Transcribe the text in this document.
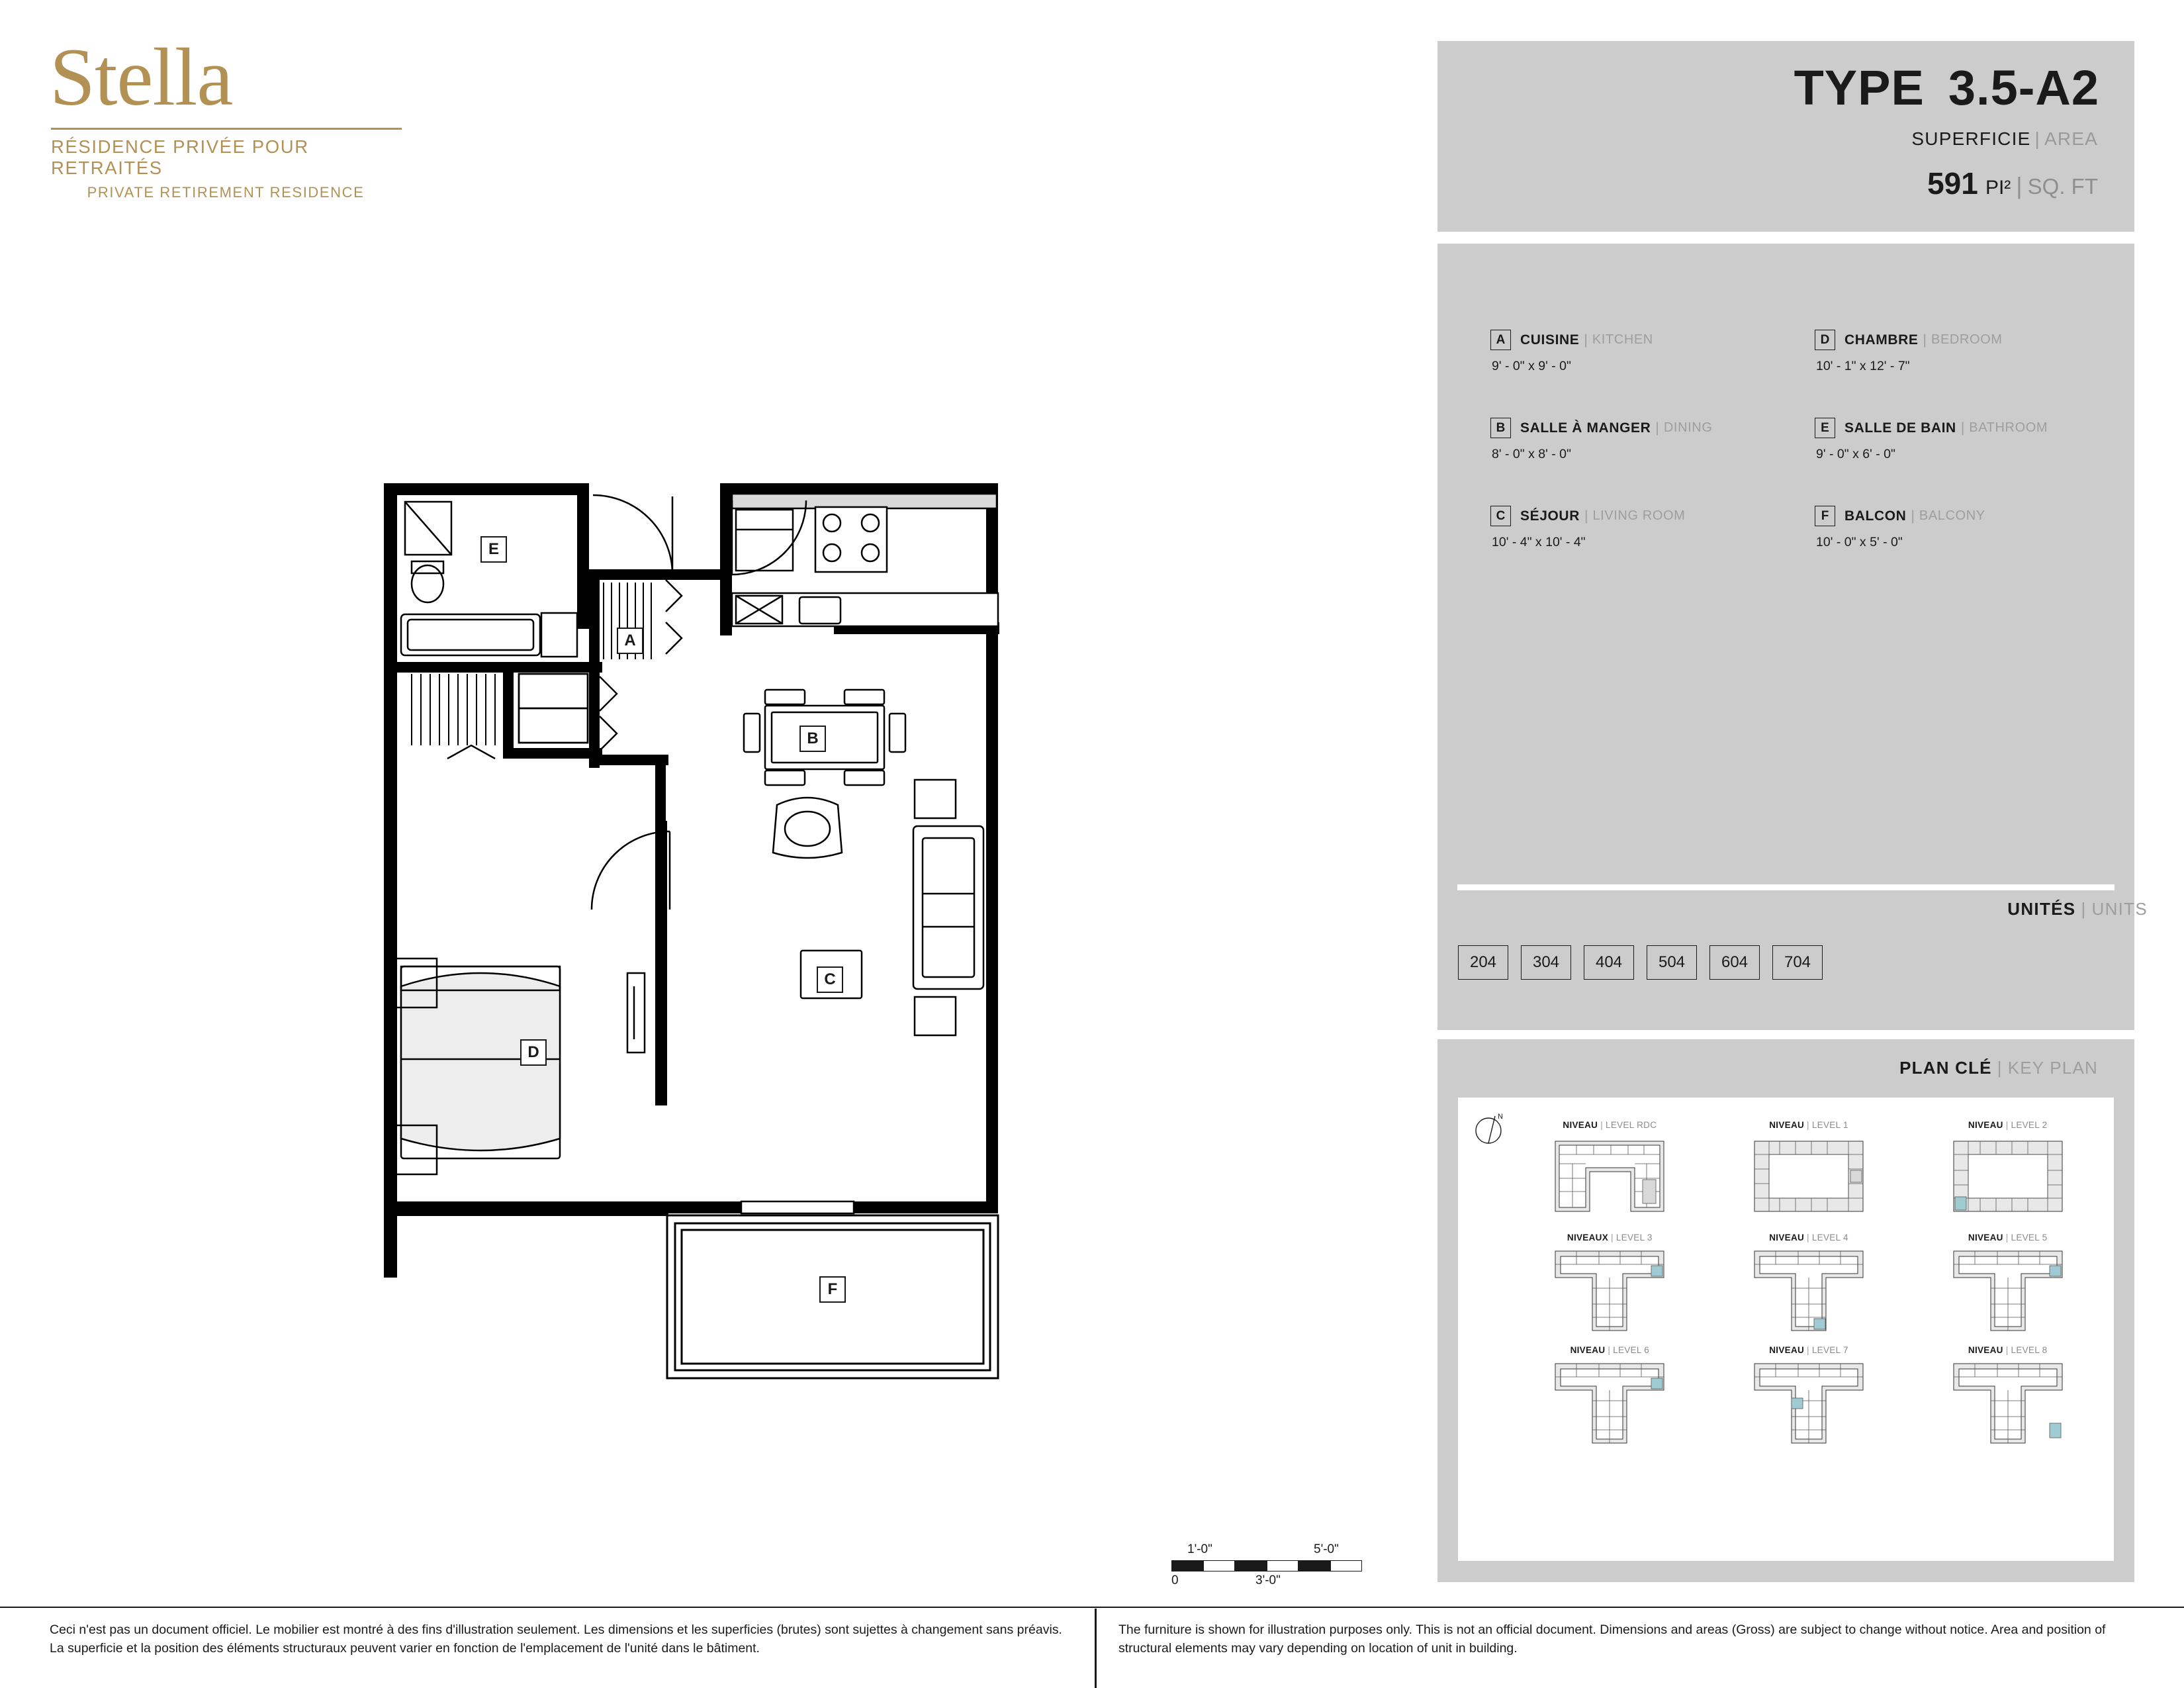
Stella
RÉSIDENCE PRIVÉE POUR RETRAITÉS
PRIVATE RETIREMENT RESIDENCE
TYPE 3.5-A2
SUPERFICIE | AREA
591 PI² | SQ. FT
A	CUISINE | KITCHEN
9' - 0" x 9' - 0"
B	SALLE À MANGER | DINING
8' - 0" x 8' - 0"
C	SÉJOUR | LIVING ROOM
10' - 4" x 10' - 4"
D	CHAMBRE | BEDROOM
10' - 1" x 12' - 7"
E	SALLE DE BAIN | BATHROOM
9' - 0" x 6' - 0"
F	BALCON | BALCONY
10' - 0" x 5' - 0"
UNITÉS | UNITS
204	304	404	504	604	704
PLAN CLÉ | KEY PLAN
N
NIVEAU | LEVEL RDC	NIVEAU | LEVEL 1	NIVEAU | LEVEL 2
NIVEAUX | LEVEL 3	NIVEAU | LEVEL 4	NIVEAU | LEVEL 5
NIVEAU | LEVEL 6	NIVEAU | LEVEL 7	NIVEAU | LEVEL 8
1'-0"	5'-0"
0	3'-0"
A
B
C
D
E
F
Ceci n'est pas un document officiel. Le mobilier est montré à des fins d'illustration seulement. Les dimensions et les superficies (brutes) sont sujettes à changement sans préavis. La superficie et la position des éléments structuraux peuvent varier en fonction de l'emplacement de l'unité dans le bâtiment.
The furniture is shown for illustration purposes only. This is not an official document. Dimensions and areas (Gross) are subject to change without notice. Area and position of structural elements may vary depending on location of unit in building.
